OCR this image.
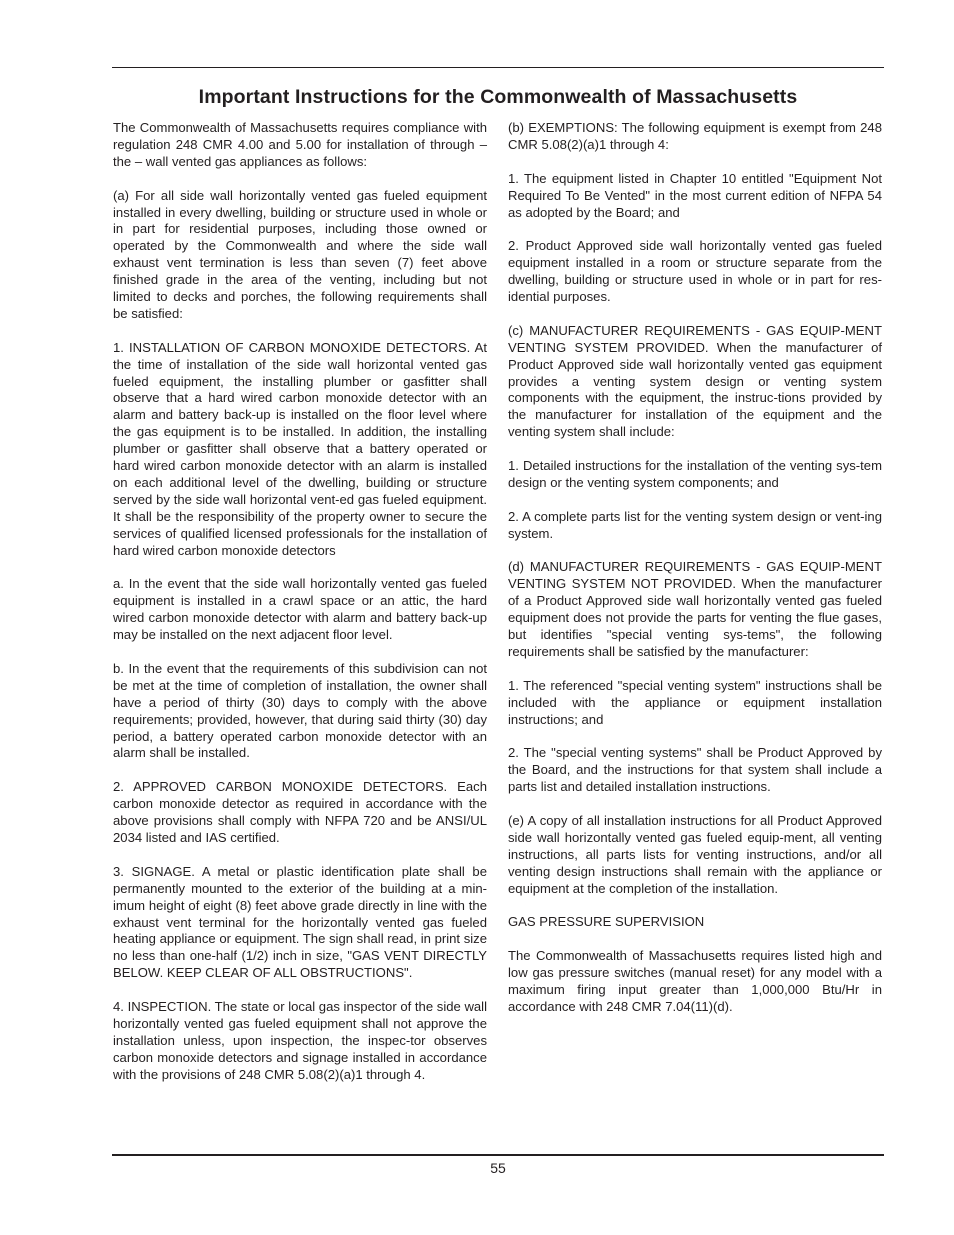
Important Instructions for the Commonwealth of Massachusetts

The Commonwealth of Massachusetts requires compliance with regulation 248 CMR 4.00 and 5.00 for installation of through – the – wall vented gas appliances as follows:

(a) For all side wall horizontally vented gas fueled equipment installed in every dwelling, building or structure used in whole or in part for residential purposes, including those owned or operated by the Commonwealth and where the side wall exhaust vent termination is less than seven (7) feet above finished grade in the area of the venting, including but not limited to decks and porches, the following requirements shall be satisfied:

1. INSTALLATION OF CARBON MONOXIDE DETECTORS. At the time of installation of the side wall horizontal vented gas fueled equipment, the installing plumber or gasfitter shall observe that a hard wired carbon monoxide detector with an alarm and battery back-up is installed on the floor level where the gas equipment is to be installed. In addition, the installing plumber or gasfitter shall observe that a battery operated or hard wired carbon monoxide detector with an alarm is installed on each additional level of the dwelling, building or structure served by the side wall horizontal vent-ed gas fueled equipment. It shall be the responsibility of the property owner to secure the services of qualified licensed professionals for the installation of hard wired carbon monoxide detectors

a. In the event that the side wall horizontally vented gas fueled equipment is installed in a crawl space or an attic, the hard wired carbon monoxide detector with alarm and battery back-up may be installed on the next adjacent floor level.

b. In the event that the requirements of this subdivision can not be met at the time of completion of installation, the owner shall have a period of thirty (30) days to comply with the above requirements; provided, however, that during said thirty (30) day period, a battery operated carbon monoxide detector with an alarm shall be installed.

2. APPROVED CARBON MONOXIDE DETECTORS. Each carbon monoxide detector as required in accordance with the above provisions shall comply with NFPA 720 and be ANSI/UL 2034 listed and IAS certified.

3. SIGNAGE. A metal or plastic identification plate shall be permanently mounted to the exterior of the building at a min-imum height of eight (8) feet above grade directly in line with the exhaust vent terminal for the horizontally vented gas fueled heating appliance or equipment. The sign shall read, in print size no less than one-half (1/2) inch in size, "GAS VENT DIRECTLY BELOW. KEEP CLEAR OF ALL OBSTRUCTIONS".

4. INSPECTION. The state or local gas inspector of the side wall horizontally vented gas fueled equipment shall not approve the installation unless, upon inspection, the inspec-tor observes carbon monoxide detectors and signage installed in accordance with the provisions of 248 CMR 5.08(2)(a)1 through 4.

(b) EXEMPTIONS: The following equipment is exempt from 248 CMR 5.08(2)(a)1 through 4:

1. The equipment listed in Chapter 10 entitled "Equipment Not Required To Be Vented" in the most current edition of NFPA 54 as adopted by the Board; and

2. Product Approved side wall horizontally vented gas fueled equipment installed in a room or structure separate from the dwelling, building or structure used in whole or in part for res-idential purposes.

(c) MANUFACTURER REQUIREMENTS - GAS EQUIP-MENT VENTING SYSTEM PROVIDED. When the manufacturer of Product Approved side wall horizontally vented gas equipment provides a venting system design or venting system components with the equipment, the instruc-tions provided by the manufacturer for installation of the equipment and the venting system shall include:

1. Detailed instructions for the installation of the venting sys-tem design or the venting system components; and

2. A complete parts list for the venting system design or vent-ing system.

(d) MANUFACTURER REQUIREMENTS - GAS EQUIP-MENT VENTING SYSTEM NOT PROVIDED. When the manufacturer of a Product Approved side wall horizontally vented gas fueled equipment does not provide the parts for venting the flue gases, but identifies "special venting sys-tems", the following requirements shall be satisfied by the manufacturer:

1. The referenced "special venting system" instructions shall be included with the appliance or equipment installation instructions; and

2. The "special venting systems" shall be Product Approved by the Board, and the instructions for that system shall include a parts list and detailed installation instructions.

(e) A copy of all installation instructions for all Product Approved side wall horizontally vented gas fueled equip-ment, all venting instructions, all parts lists for venting instructions, and/or all venting design instructions shall remain with the appliance or equipment at the completion of the installation.

GAS PRESSURE SUPERVISION

The Commonwealth of Massachusetts requires listed high and low gas pressure switches (manual reset) for any model with a maximum firing input greater than 1,000,000 Btu/Hr in accordance with 248 CMR 7.04(11)(d).

55
